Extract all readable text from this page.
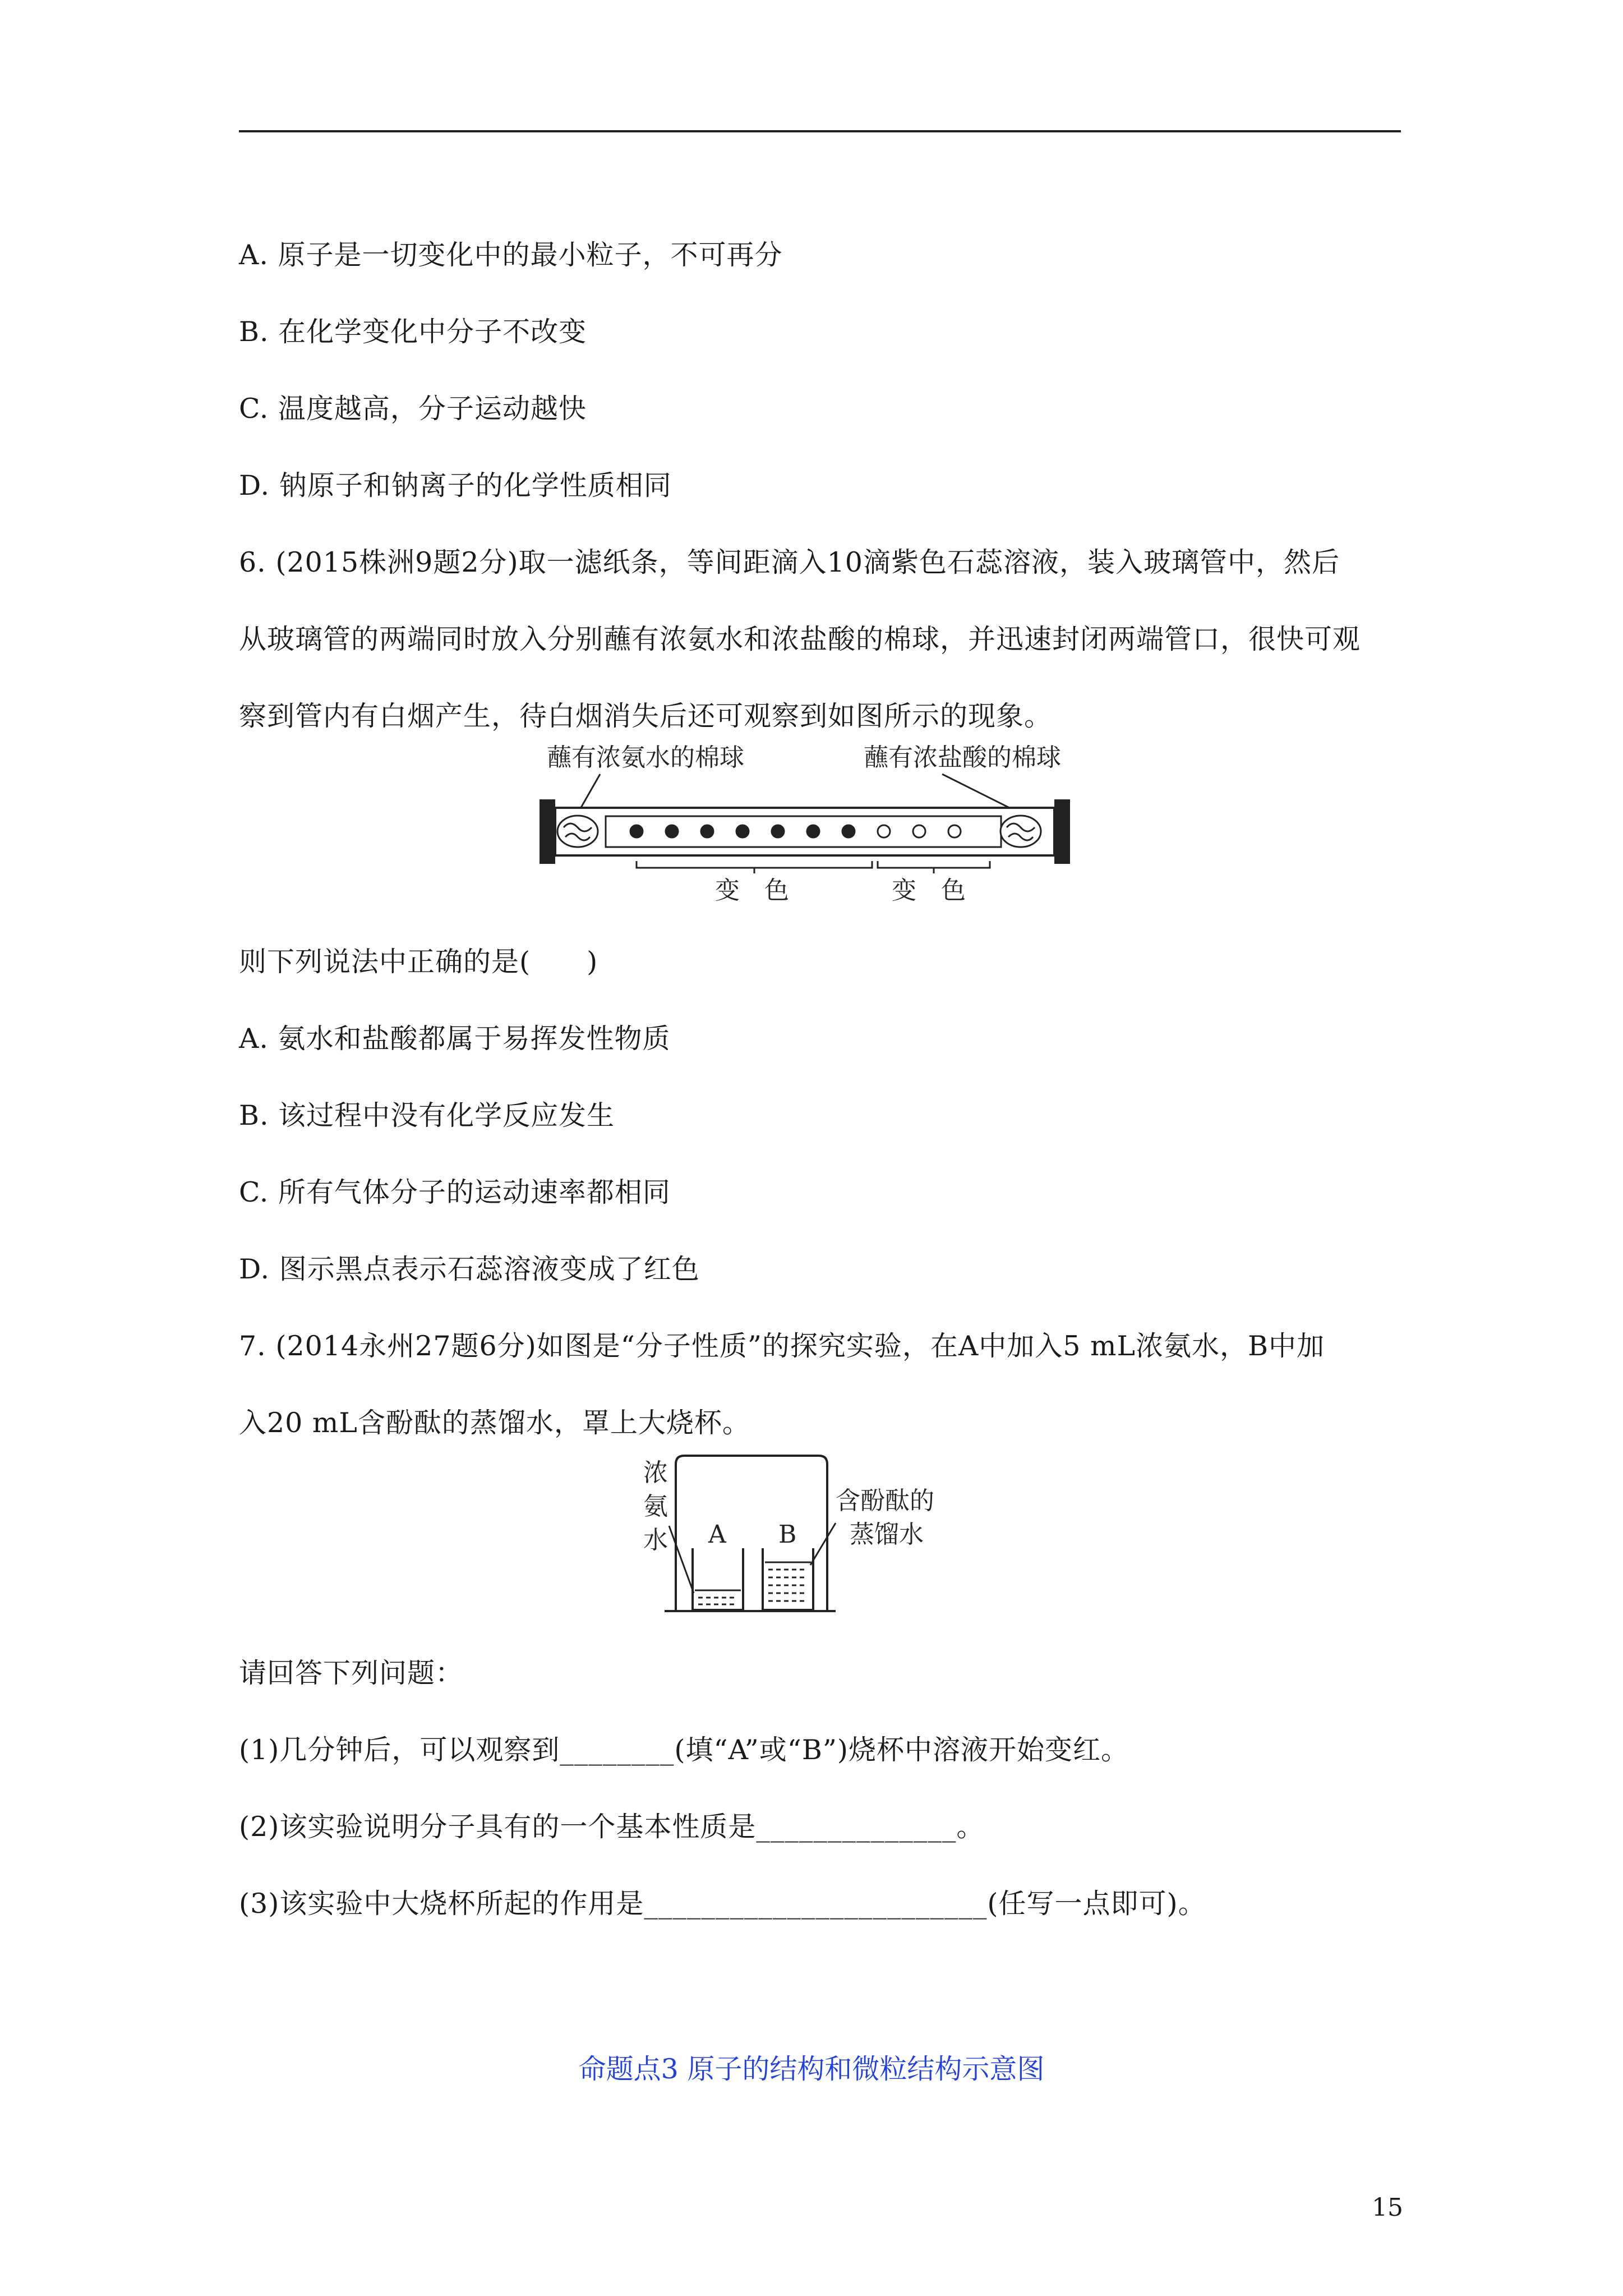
A. 原子是一切变化中的最小粒子，不可再分
B. 在化学变化中分子不改变
C. 温度越高，分子运动越快
D. 钠原子和钠离子的化学性质相同
6. (2015株洲9题2分)取一滤纸条，等间距滴入10滴紫色石蕊溶液，装入玻璃管中，然后
从玻璃管的两端同时放入分别蘸有浓氨水和浓盐酸的棉球，并迅速封闭两端管口，很快可观
察到管内有白烟产生，待白烟消失后还可观察到如图所示的现象。
蘸有浓氨水的棉球	蘸有浓盐酸的棉球
变__色	变__色
则下列说法中正确的是(　　)
A. 氨水和盐酸都属于易挥发性物质
B. 该过程中没有化学反应发生
C. 所有气体分子的运动速率都相同
D. 图示黑点表示石蕊溶液变成了红色
7. (2014永州27题6分)如图是“分子性质”的探究实验，在A中加入5 mL浓氨水，B中加
入20 mL含酚酞的蒸馏水，罩上大烧杯。
浓
氨
水
含酚酞的
蒸馏水
A B
请回答下列问题：
(1)几分钟后，可以观察到________(填“A”或“B”)烧杯中溶液开始变红。
(2)该实验说明分子具有的一个基本性质是______________。
(3)该实验中大烧杯所起的作用是________________________(任写一点即可)。
命题点3 原子的结构和微粒结构示意图
15
